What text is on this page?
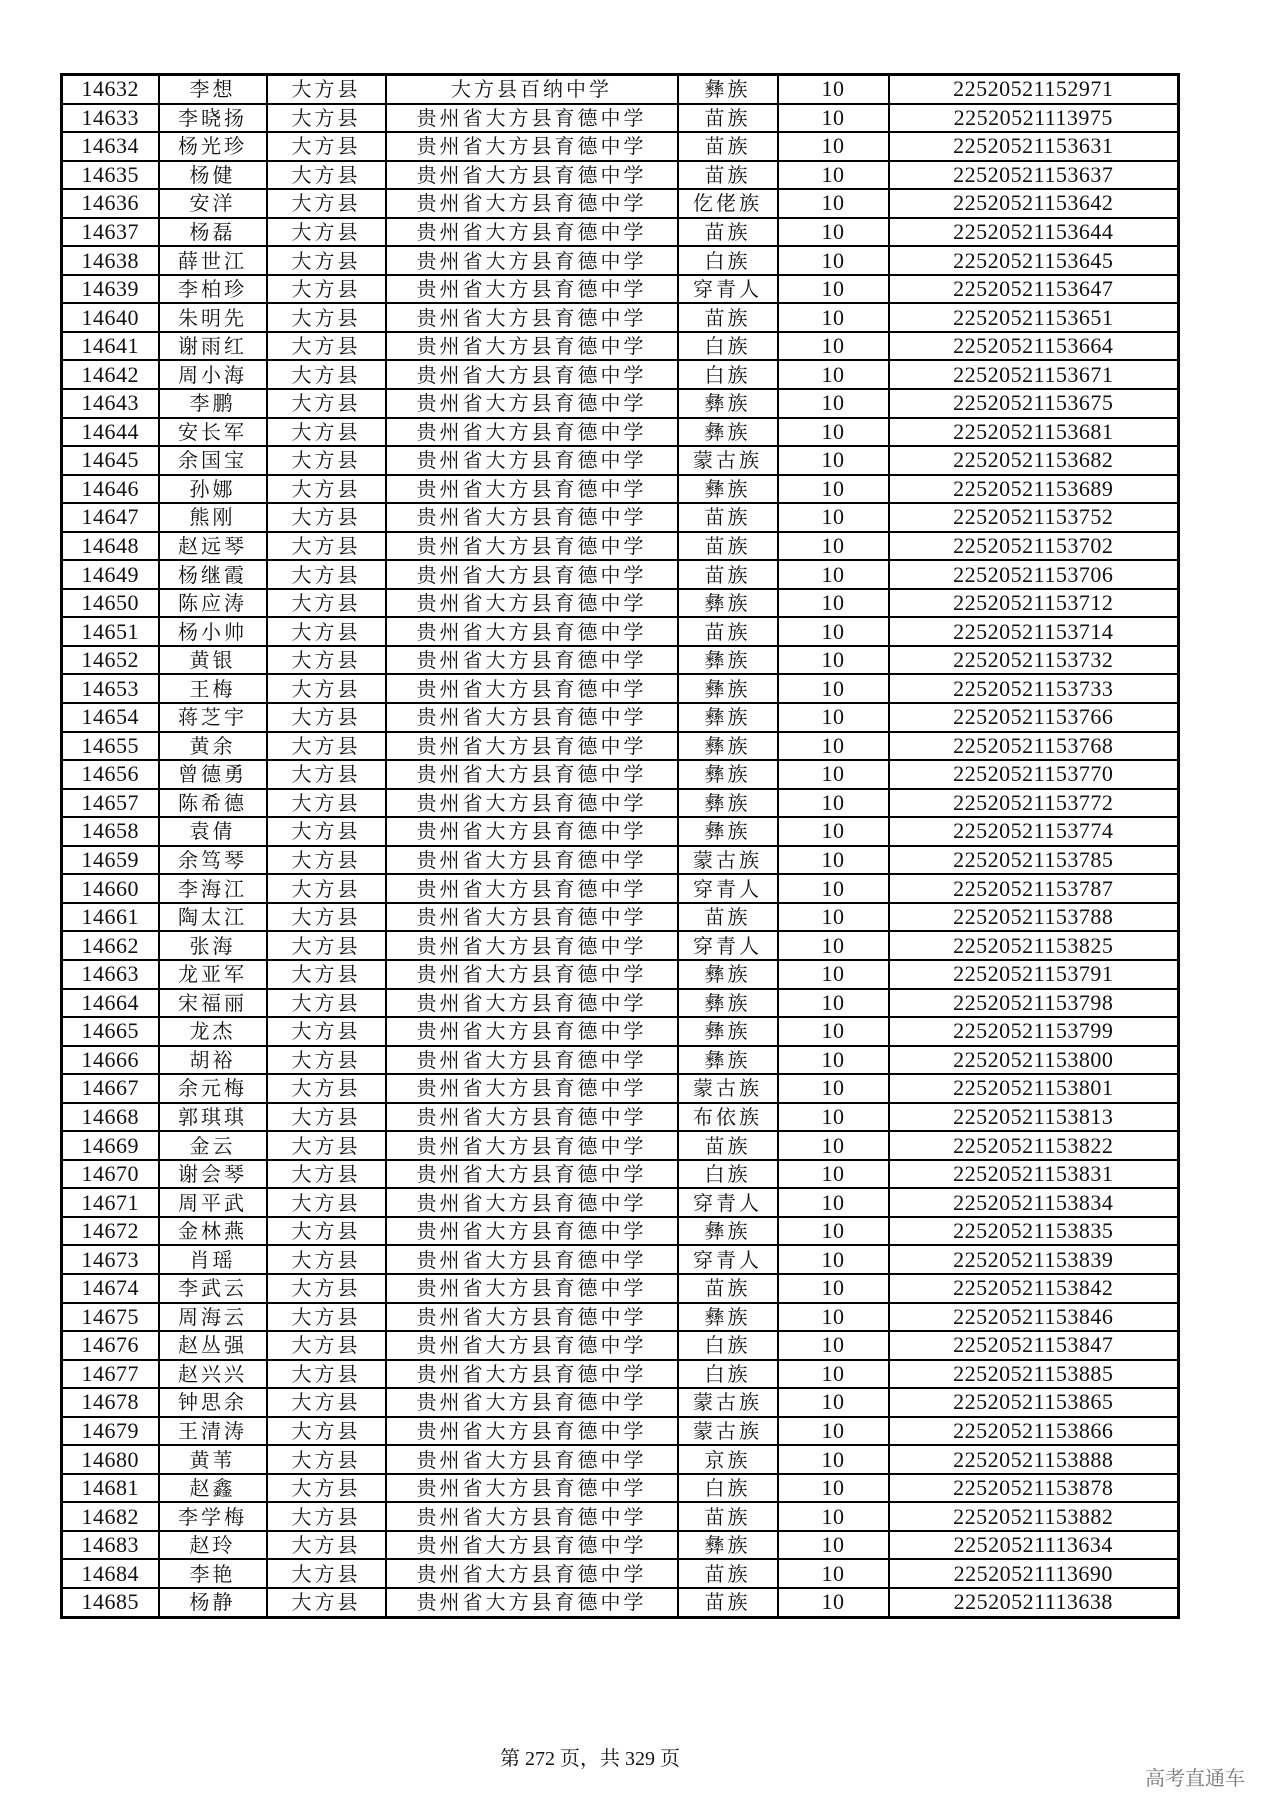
14632	李想	大方县	大方县百纳中学	彝族	10	22520521152971
14633	李晓扬	大方县	贵州省大方县育德中学	苗族	10	22520521113975
14634	杨光珍	大方县	贵州省大方县育德中学	苗族	10	22520521153631
14635	杨健	大方县	贵州省大方县育德中学	苗族	10	22520521153637
14636	安洋	大方县	贵州省大方县育德中学	仡佬族	10	22520521153642
14637	杨磊	大方县	贵州省大方县育德中学	苗族	10	22520521153644
14638	薛世江	大方县	贵州省大方县育德中学	白族	10	22520521153645
14639	李柏珍	大方县	贵州省大方县育德中学	穿青人	10	22520521153647
14640	朱明先	大方县	贵州省大方县育德中学	苗族	10	22520521153651
14641	谢雨红	大方县	贵州省大方县育德中学	白族	10	22520521153664
14642	周小海	大方县	贵州省大方县育德中学	白族	10	22520521153671
14643	李鹏	大方县	贵州省大方县育德中学	彝族	10	22520521153675
14644	安长军	大方县	贵州省大方县育德中学	彝族	10	22520521153681
14645	余国宝	大方县	贵州省大方县育德中学	蒙古族	10	22520521153682
14646	孙娜	大方县	贵州省大方县育德中学	彝族	10	22520521153689
14647	熊刚	大方县	贵州省大方县育德中学	苗族	10	22520521153752
14648	赵远琴	大方县	贵州省大方县育德中学	苗族	10	22520521153702
14649	杨继霞	大方县	贵州省大方县育德中学	苗族	10	22520521153706
14650	陈应涛	大方县	贵州省大方县育德中学	彝族	10	22520521153712
14651	杨小帅	大方县	贵州省大方县育德中学	苗族	10	22520521153714
14652	黄银	大方县	贵州省大方县育德中学	彝族	10	22520521153732
14653	王梅	大方县	贵州省大方县育德中学	彝族	10	22520521153733
14654	蒋芝宇	大方县	贵州省大方县育德中学	彝族	10	22520521153766
14655	黄余	大方县	贵州省大方县育德中学	彝族	10	22520521153768
14656	曾德勇	大方县	贵州省大方县育德中学	彝族	10	22520521153770
14657	陈希德	大方县	贵州省大方县育德中学	彝族	10	22520521153772
14658	袁倩	大方县	贵州省大方县育德中学	彝族	10	22520521153774
14659	余笃琴	大方县	贵州省大方县育德中学	蒙古族	10	22520521153785
14660	李海江	大方县	贵州省大方县育德中学	穿青人	10	22520521153787
14661	陶太江	大方县	贵州省大方县育德中学	苗族	10	22520521153788
14662	张海	大方县	贵州省大方县育德中学	穿青人	10	22520521153825
14663	龙亚军	大方县	贵州省大方县育德中学	彝族	10	22520521153791
14664	宋福丽	大方县	贵州省大方县育德中学	彝族	10	22520521153798
14665	龙杰	大方县	贵州省大方县育德中学	彝族	10	22520521153799
14666	胡裕	大方县	贵州省大方县育德中学	彝族	10	22520521153800
14667	余元梅	大方县	贵州省大方县育德中学	蒙古族	10	22520521153801
14668	郭琪琪	大方县	贵州省大方县育德中学	布依族	10	22520521153813
14669	金云	大方县	贵州省大方县育德中学	苗族	10	22520521153822
14670	谢会琴	大方县	贵州省大方县育德中学	白族	10	22520521153831
14671	周平武	大方县	贵州省大方县育德中学	穿青人	10	22520521153834
14672	金林燕	大方县	贵州省大方县育德中学	彝族	10	22520521153835
14673	肖瑶	大方县	贵州省大方县育德中学	穿青人	10	22520521153839
14674	李武云	大方县	贵州省大方县育德中学	苗族	10	22520521153842
14675	周海云	大方县	贵州省大方县育德中学	彝族	10	22520521153846
14676	赵丛强	大方县	贵州省大方县育德中学	白族	10	22520521153847
14677	赵兴兴	大方县	贵州省大方县育德中学	白族	10	22520521153885
14678	钟思余	大方县	贵州省大方县育德中学	蒙古族	10	22520521153865
14679	王清涛	大方县	贵州省大方县育德中学	蒙古族	10	22520521153866
14680	黄苇	大方县	贵州省大方县育德中学	京族	10	22520521153888
14681	赵鑫	大方县	贵州省大方县育德中学	白族	10	22520521153878
14682	李学梅	大方县	贵州省大方县育德中学	苗族	10	22520521153882
14683	赵玲	大方县	贵州省大方县育德中学	彝族	10	22520521113634
14684	李艳	大方县	贵州省大方县育德中学	苗族	10	22520521113690
14685	杨静	大方县	贵州省大方县育德中学	苗族	10	22520521113638
第 272 页，共 329 页
高考直通车
